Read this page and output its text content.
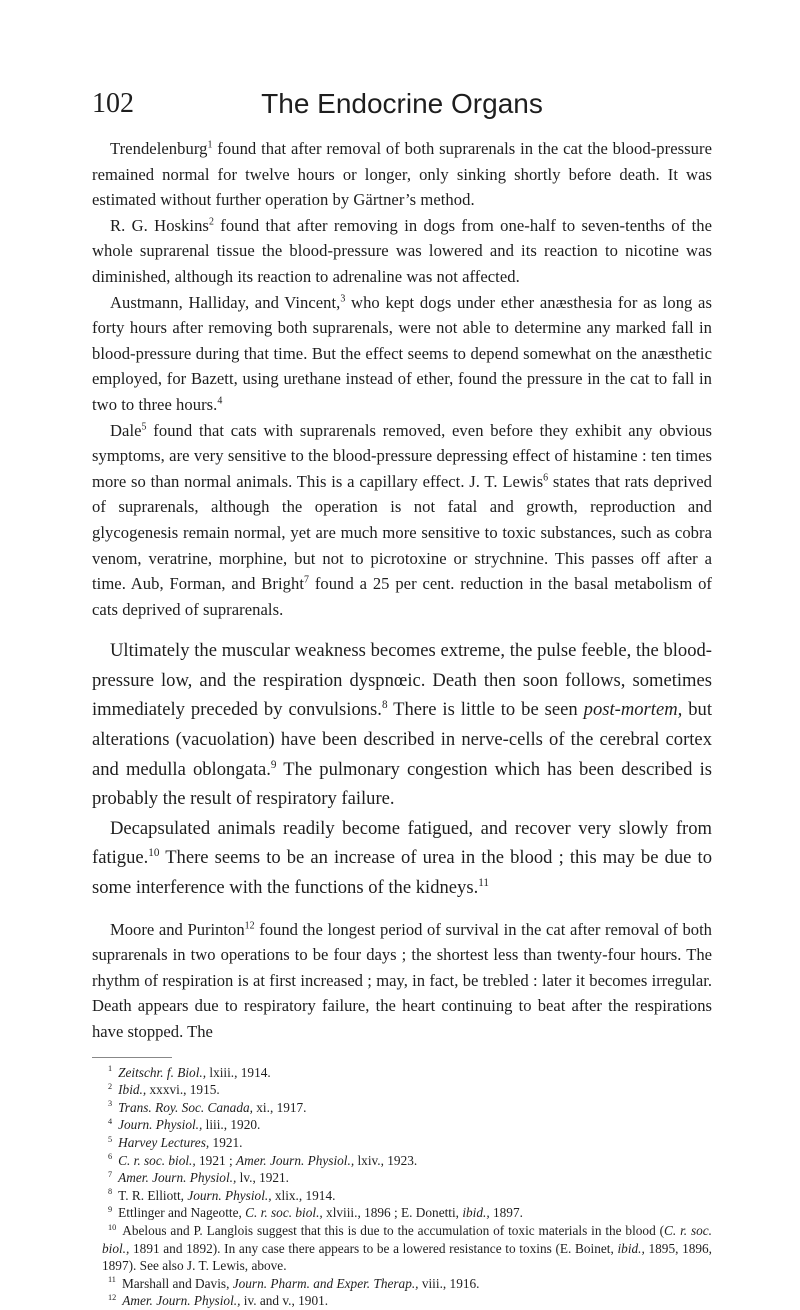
102	The Endocrine Organs

Trendelenburg$^1$ found that after removal of both suprarenals in the cat the blood-pressure remained normal for twelve hours or longer, only sinking shortly before death. It was estimated without further operation by Gärtner’s method.

R. G. Hoskins$^2$ found that after removing in dogs from one-half to seven-tenths of the whole suprarenal tissue the blood-pressure was lowered and its reaction to nicotine was diminished, although its reaction to adrenaline was not affected.

Austmann, Halliday, and Vincent,$^3$ who kept dogs under ether anæsthesia for as long as forty hours after removing both suprarenals, were not able to determine any marked fall in blood-pressure during that time. But the effect seems to depend somewhat on the anæsthetic employed, for Bazett, using urethane instead of ether, found the pressure in the cat to fall in two to three hours.$^4$

Dale$^5$ found that cats with suprarenals removed, even before they exhibit any obvious symptoms, are very sensitive to the blood-pressure depressing effect of histamine : ten times more so than normal animals. This is a capillary effect. J. T. Lewis$^6$ states that rats deprived of suprarenals, although the operation is not fatal and growth, reproduction and glycogenesis remain normal, yet are much more sensitive to toxic substances, such as cobra venom, veratrine, morphine, but not to picrotoxine or strychnine. This passes off after a time. Aub, Forman, and Bright$^7$ found a 25 per cent. reduction in the basal metabolism of cats deprived of suprarenals.

Ultimately the muscular weakness becomes extreme, the pulse feeble, the blood-pressure low, and the respiration dyspnœic. Death then soon follows, sometimes immediately preceded by convulsions.$^8$ There is little to be seen post-mortem, but alterations (vacuolation) have been described in nerve-cells of the cerebral cortex and medulla oblongata.$^9$ The pulmonary congestion which has been described is probably the result of respiratory failure.

Decapsulated animals readily become fatigued, and recover very slowly from fatigue.$^{10}$ There seems to be an increase of urea in the blood ; this may be due to some interference with the functions of the kidneys.$^{11}$

Moore and Purinton$^{12}$ found the longest period of survival in the cat after removal of both suprarenals in two operations to be four days ; the shortest less than twenty-four hours. The rhythm of respiration is at first increased ; may, in fact, be trebled : later it becomes irregular. Death appears due to respiratory failure, the heart continuing to beat after the respirations have stopped. The

1 Zeitschr. f. Biol., lxiii., 1914.
2 Ibid., xxxvi., 1915.
3 Trans. Roy. Soc. Canada, xi., 1917.
4 Journ. Physiol., liii., 1920.
5 Harvey Lectures, 1921.
6 C. r. soc. biol., 1921 ; Amer. Journ. Physiol., lxiv., 1923.
7 Amer. Journ. Physiol., lv., 1921.
8 T. R. Elliott, Journ. Physiol., xlix., 1914.
9 Ettlinger and Nageotte, C. r. soc. biol., xlviii., 1896 ; E. Donetti, ibid., 1897.
10 Abelous and P. Langlois suggest that this is due to the accumulation of toxic materials in the blood (C. r. soc. biol., 1891 and 1892). In any case there appears to be a lowered resistance to toxins (E. Boinet, ibid., 1895, 1896, 1897). See also J. T. Lewis, above.
11 Marshall and Davis, Journ. Pharm. and Exper. Therap., viii., 1916.
12 Amer. Journ. Physiol., iv. and v., 1901.
